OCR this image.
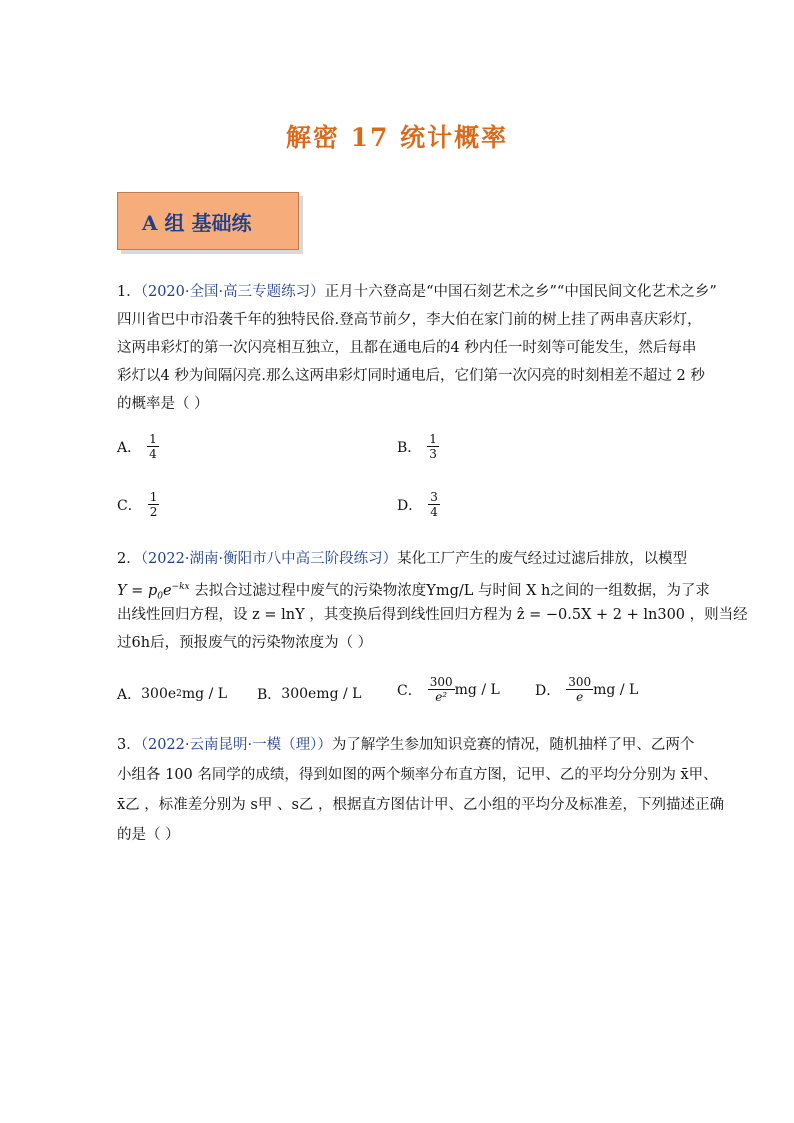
解密 17 统计概率
A 组 基础练
1．（2020·全国·高三专题练习）正月十六登高是“中国石刻艺术之乡”“中国民间文化艺术之乡”
四川省巴中市沿袭千年的独特民俗.登高节前夕，李大伯在家门前的树上挂了两串喜庆彩灯，
这两串彩灯的第一次闪亮相互独立，且都在通电后的4 秒内任一时刻等可能发生，然后每串
彩灯以4 秒为间隔闪亮.那么这两串彩灯同时通电后，它们第一次闪亮的时刻相差不超过 2 秒
的概率是（ ）
A． $\frac{1}{4}$	B． $\frac{1}{3}$
C． $\frac{1}{2}$	D． $\frac{3}{4}$
2．（2022·湖南·衡阳市八中高三阶段练习）某化工厂产生的废气经过过滤后排放，以模型
$Y = p_0e^{-kx}$ 去拟合过滤过程中废气的污染物浓度Ymg/L 与时间 X h之间的一组数据，为了求
出线性回归方程，设 z = lnY ，其变换后得到线性回归方程为 ẑ = −0.5X + 2 + ln300 ，则当经
过6h后，预报废气的污染物浓度为（ ）
A． 300e 2 mg / L B． 300emg / L	C． $\frac{300}{\text{e²}}$ mg / L	D． $\frac{300}{e}$ mg / L
3．（2022·云南昆明·一模（理））为了解学生参加知识竞赛的情况，随机抽样了甲、乙两个
小组各 100 名同学的成绩，得到如图的两个频率分布直方图，记甲、乙的平均分分别为 x̄甲、
x̄乙 ，标准差分别为 s甲 、s乙 ，根据直方图估计甲、乙小组的平均分及标准差，下列描述正确
的是（ ）
